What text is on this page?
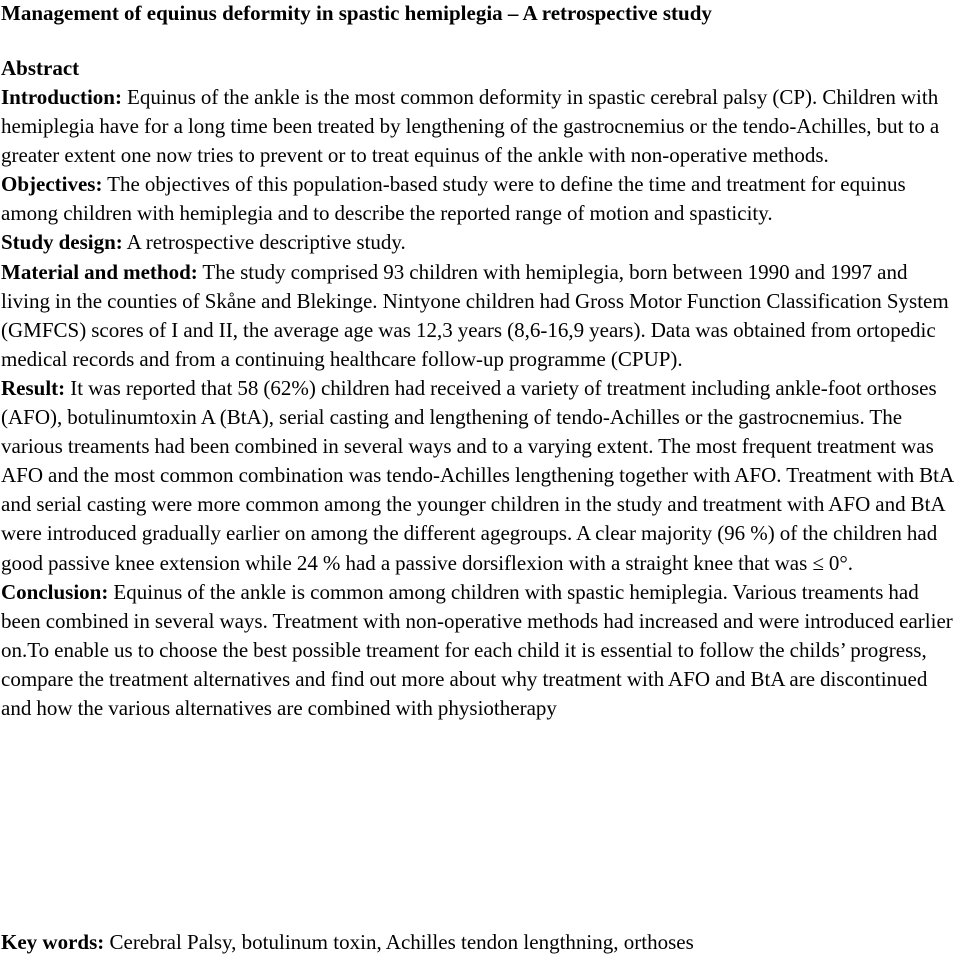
Management of equinus deformity in spastic hemiplegia – A retrospective study
Abstract

Introduction: Equinus of the ankle is the most common deformity in spastic cerebral palsy (CP). Children with hemiplegia have for a long time been treated by lengthening of the gastrocnemius or the tendo-Achilles, but to a greater extent one now tries to prevent or to treat equinus of the ankle with non-operative methods.

Objectives: The objectives of this population-based study were to define the time and treatment for equinus among children with hemiplegia and to describe the reported range of motion and spasticity.

Study design: A retrospective descriptive study.

Material and method: The study comprised 93 children with hemiplegia, born between 1990 and 1997 and living in the counties of Skåne and Blekinge. Nintyone children had Gross Motor Function Classification System (GMFCS) scores of I and II, the average age was 12,3 years (8,6-16,9 years). Data was obtained from ortopedic medical records and from a continuing healthcare follow-up programme (CPUP).

Result: It was reported that 58 (62%) children had received a variety of treatment including ankle-foot orthoses (AFO), botulinumtoxin A (BtA), serial casting and lengthening of tendo-Achilles or the gastrocnemius. The various treaments had been combined in several ways and to a varying extent. The most frequent treatment was AFO and the most common combination was tendo-Achilles lengthening together with AFO. Treatment with BtA and serial casting were more common among the younger children in the study and treatment with AFO and BtA were introduced gradually earlier on among the different agegroups. A clear majority (96 %) of the children had good passive knee extension while 24 % had a passive dorsiflexion with a straight knee that was ≤ 0°.

Conclusion: Equinus of the ankle is common among children with spastic hemiplegia. Various treaments had been combined in several ways. Treatment with non-operative methods had increased and were introduced earlier on.To enable us to choose the best possible treament for each child it is essential to follow the childs’ progress, compare the treatment alternatives and find out more about why treatment with AFO and BtA are discontinued and how the various alternatives are combined with physiotherapy

Key words: Cerebral Palsy, botulinum toxin, Achilles tendon lengthning, orthoses
